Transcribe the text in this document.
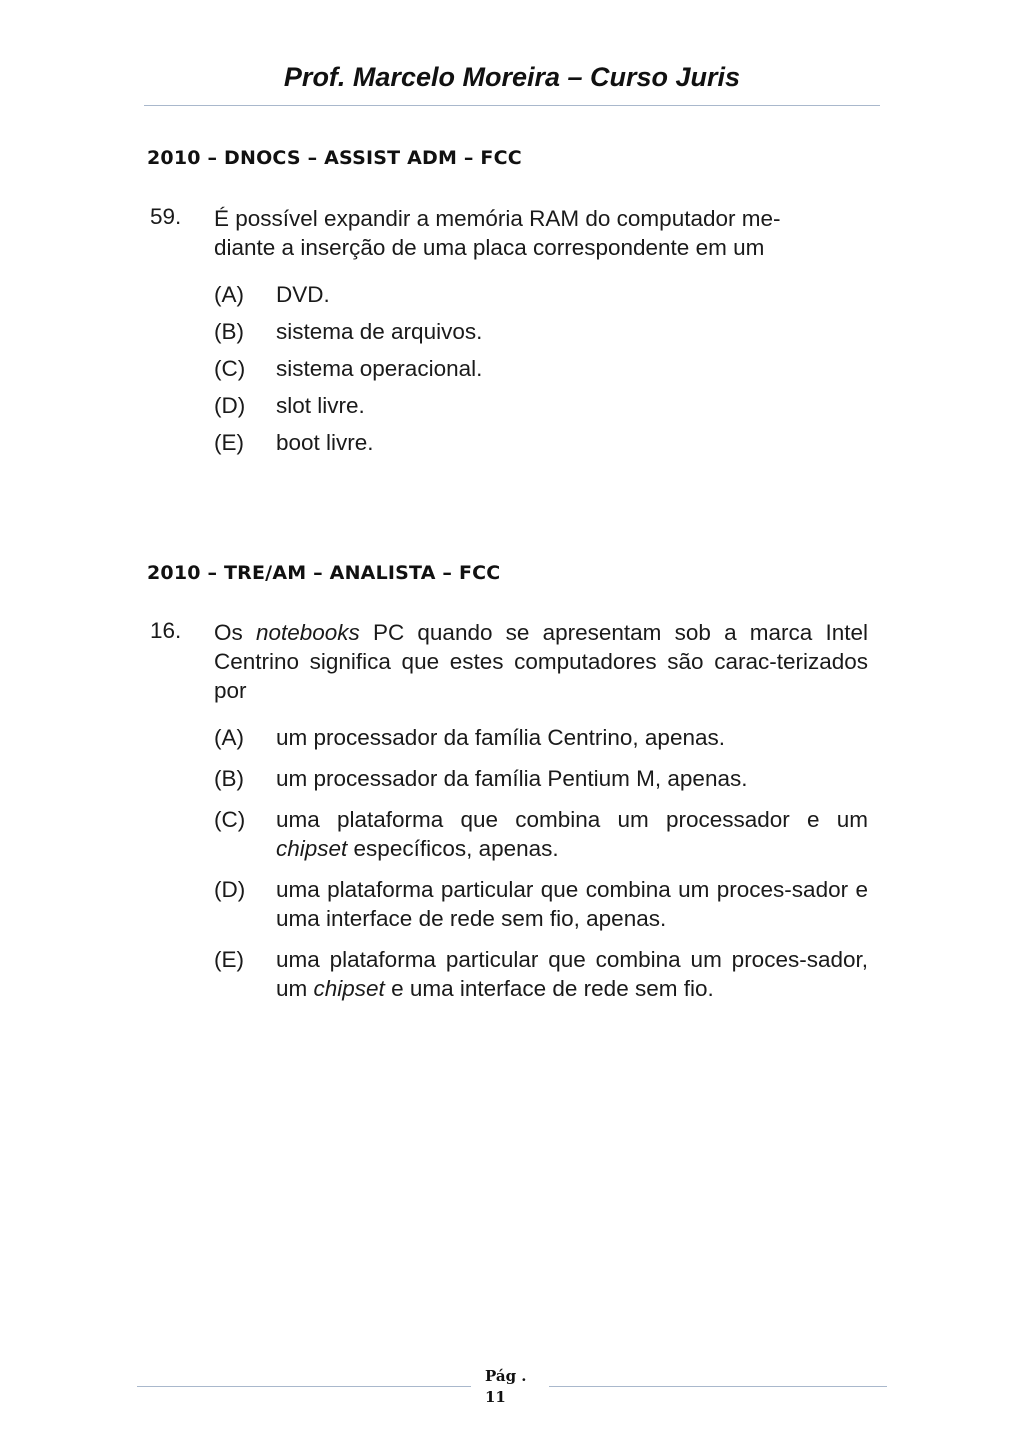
Prof. Marcelo Moreira – Curso Juris
2010 – DNOCS – ASSIST ADM – FCC
59.	É possível expandir a memória RAM do computador me-
diante a inserção de uma placa correspondente em um
(A)	DVD.
(B)	sistema de arquivos.
(C)	sistema operacional.
(D)	slot livre.
(E)	boot livre.
2010 – TRE/AM – ANALISTA – FCC
16.	Os notebooks PC quando se apresentam sob a marca Intel Centrino significa que estes computadores são carac-terizados por
(A)	um processador da família Centrino, apenas.
(B)	um processador da família Pentium M, apenas.
(C)	uma plataforma que combina um processador e um chipset específicos, apenas.
(D)	uma plataforma particular que combina um proces-sador e uma interface de rede sem fio, apenas.
(E)	uma plataforma particular que combina um proces-sador, um chipset e uma interface de rede sem fio.
Pág .
11
